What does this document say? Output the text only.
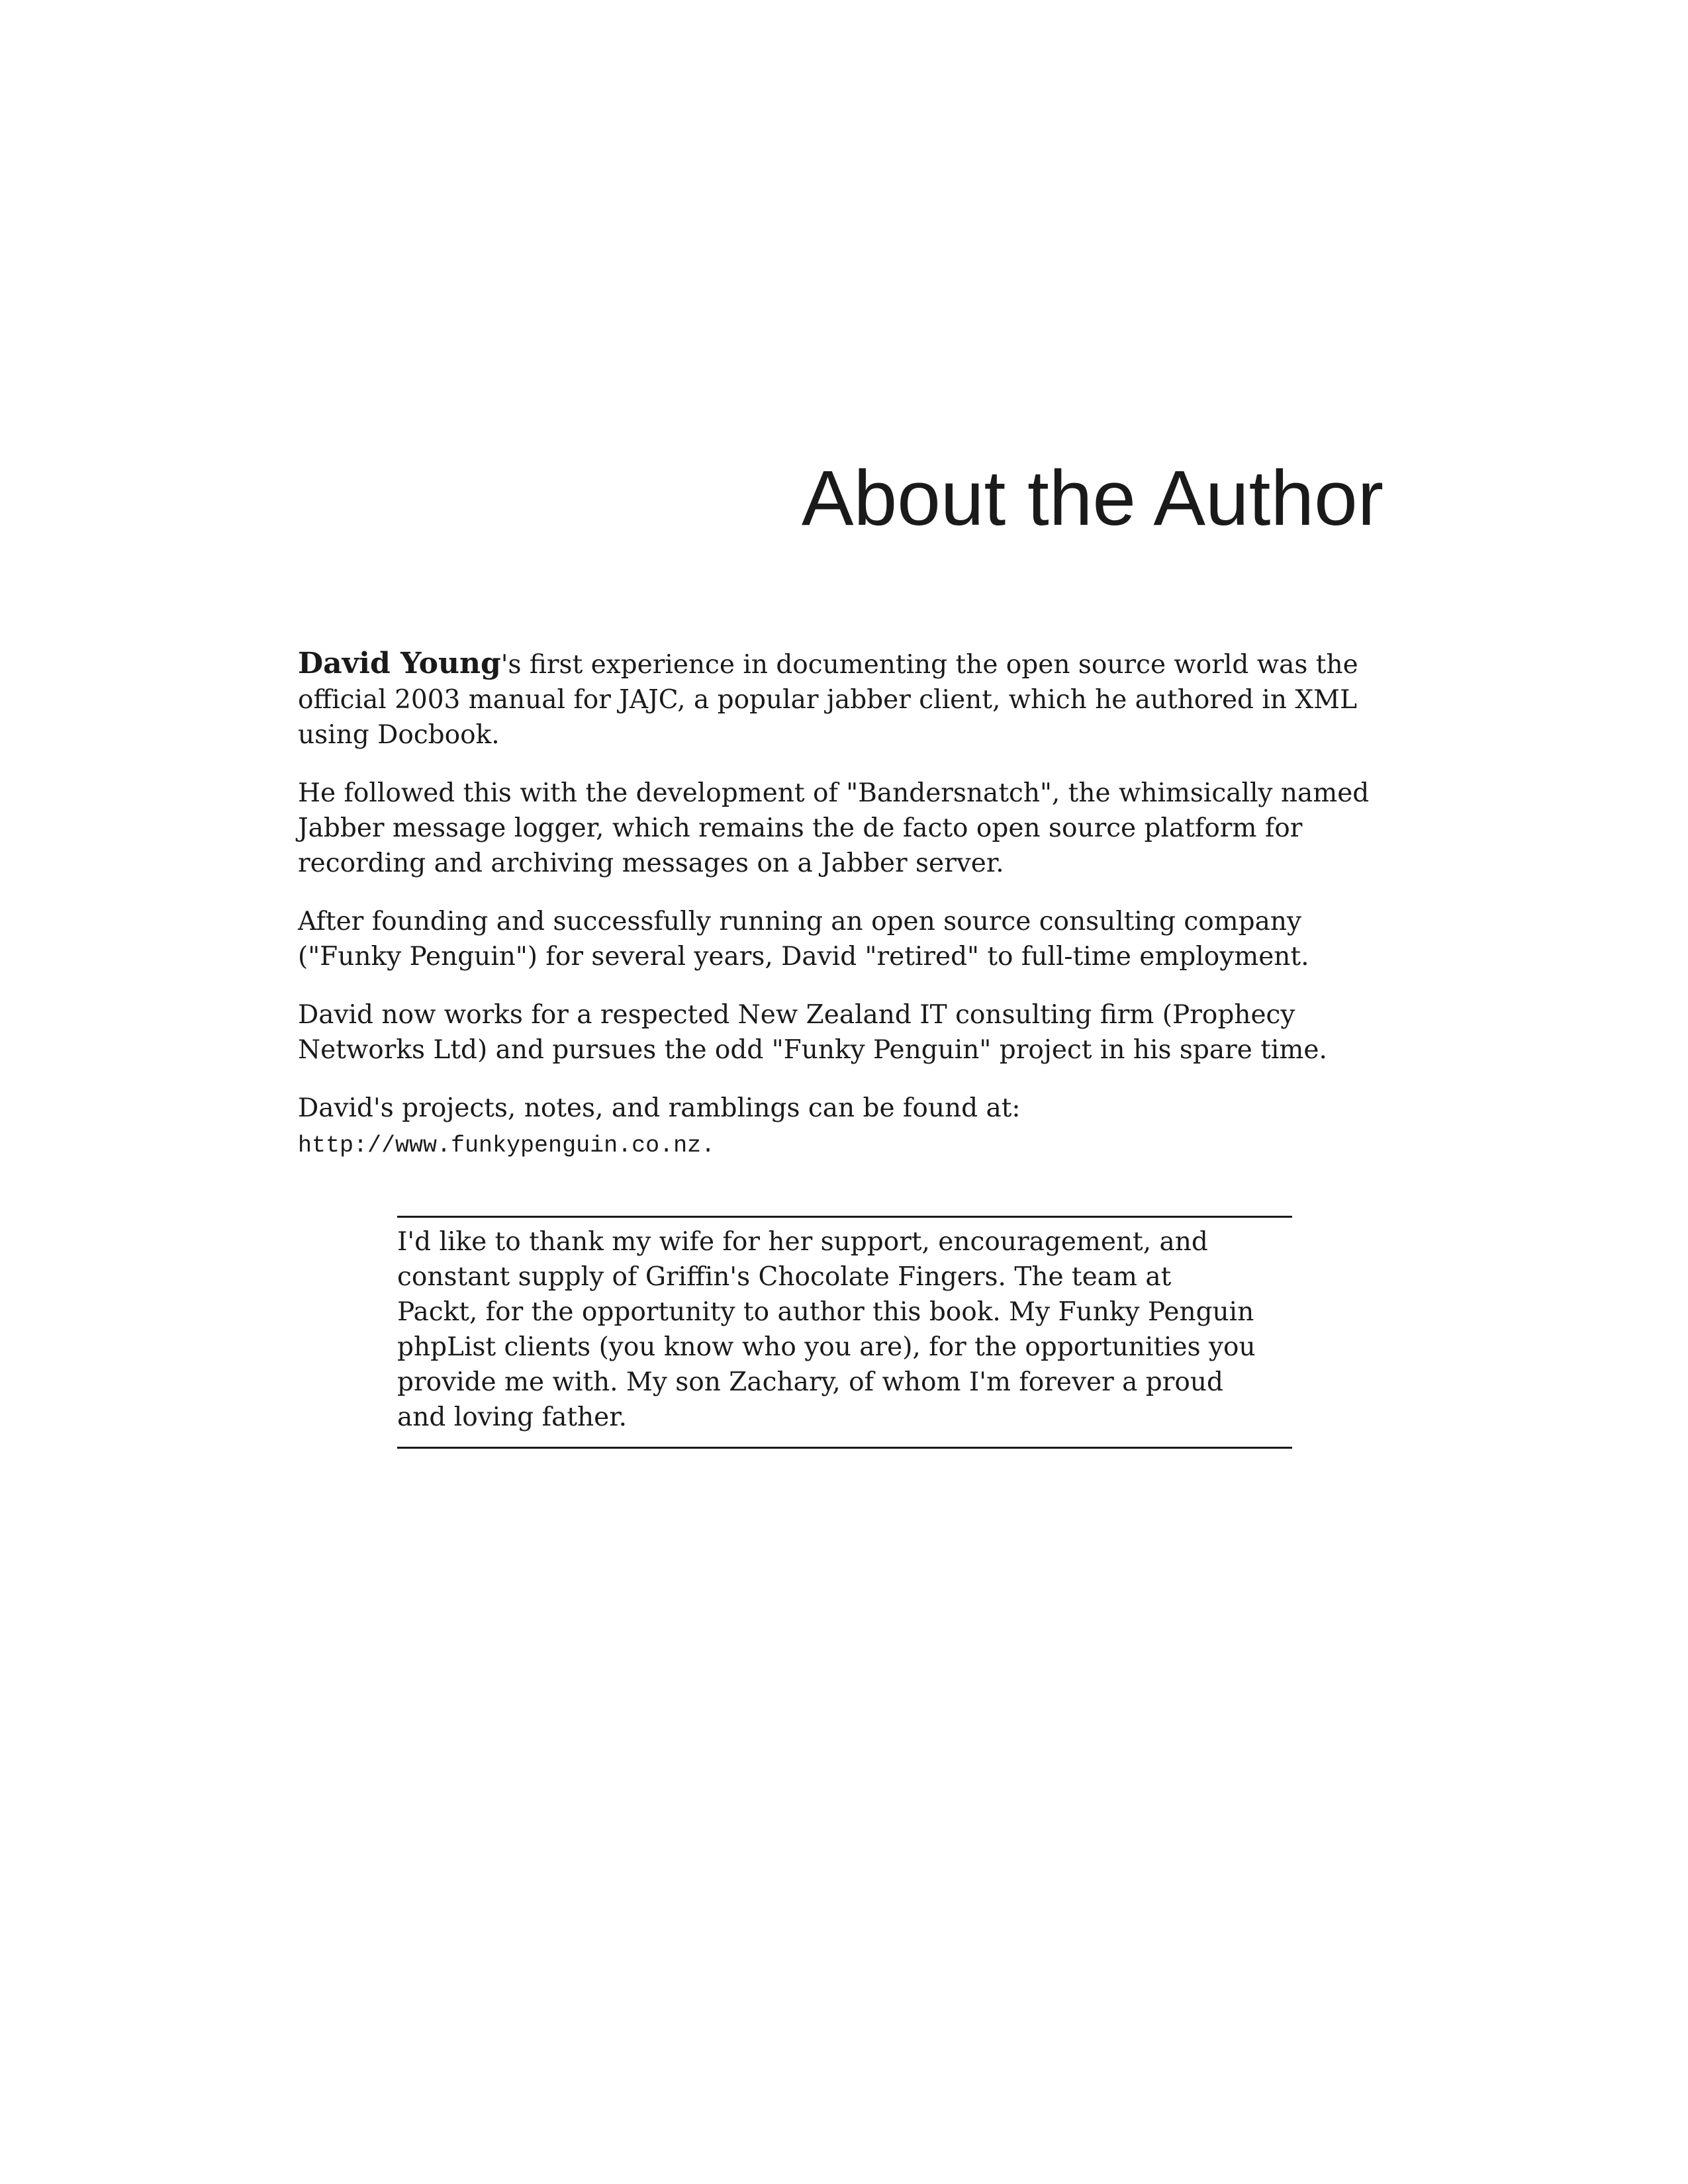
About the Author

David Young's first experience in documenting the open source world was the official 2003 manual for JAJC, a popular jabber client, which he authored in XML using Docbook.

He followed this with the development of "Bandersnatch", the whimsically named Jabber message logger, which remains the de facto open source platform for recording and archiving messages on a Jabber server.

After founding and successfully running an open source consulting company ("Funky Penguin") for several years, David "retired" to full-time employment.

David now works for a respected New Zealand IT consulting firm (Prophecy Networks Ltd) and pursues the odd "Funky Penguin" project in his spare time.

David's projects, notes, and ramblings can be found at:
http://www.funkypenguin.co.nz.

I'd like to thank my wife for her support, encouragement, and constant supply of Griffin's Chocolate Fingers. The team at Packt, for the opportunity to author this book. My Funky Penguin phpList clients (you know who you are), for the opportunities you provide me with. My son Zachary, of whom I'm forever a proud and loving father.
